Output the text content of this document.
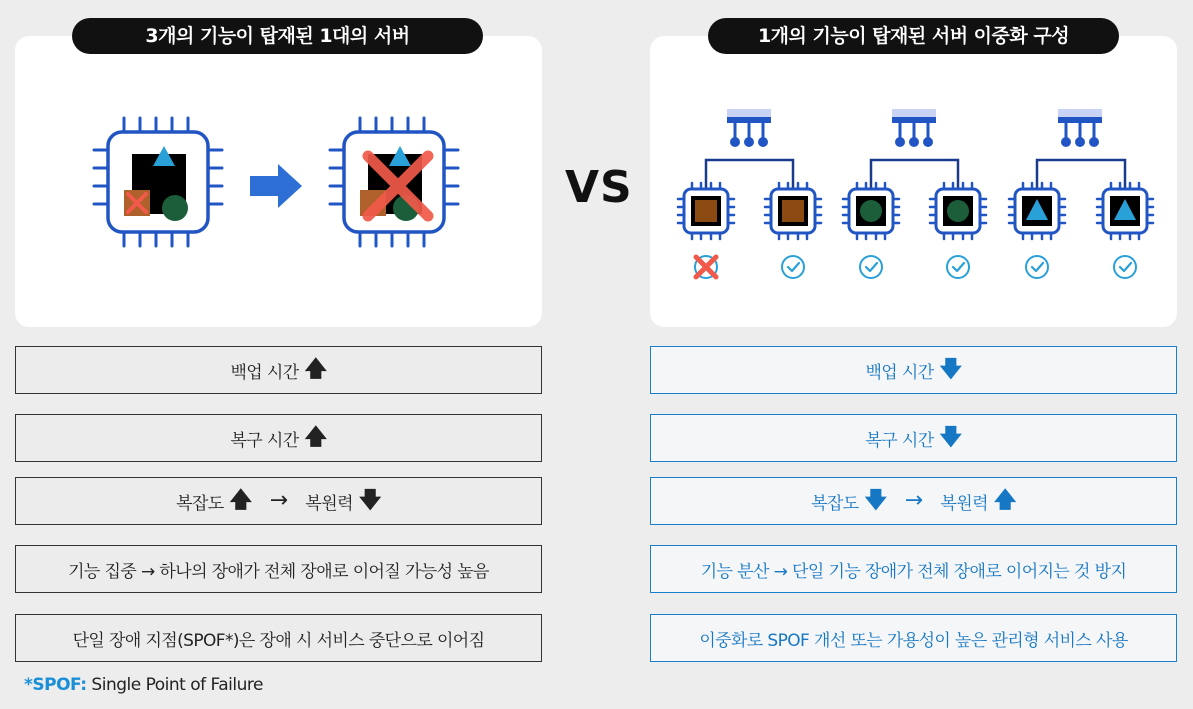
3개의 기능이 탑재된 1대의 서버
VS
1개의 기능이 탑재된 서버 이중화 구성
백업 시간 🡅
복구 시간 🡅
복잡도 🡅 → 복원력 🡇
기능 집중 → 하나의 장애가 전체 장애로 이어질 가능성 높음
단일 장애 지점(SPOF*)은 장애 시 서비스 중단으로 이어짐
백업 시간 🡇
복구 시간 🡇
복잡도 🡇 → 복원력 🡅
기능 분산 → 단일 기능 장애가 전체 장애로 이어지는 것 방지
이중화로 SPOF 개선 또는 가용성이 높은 관리형 서비스 사용
*SPOF: Single Point of Failure
